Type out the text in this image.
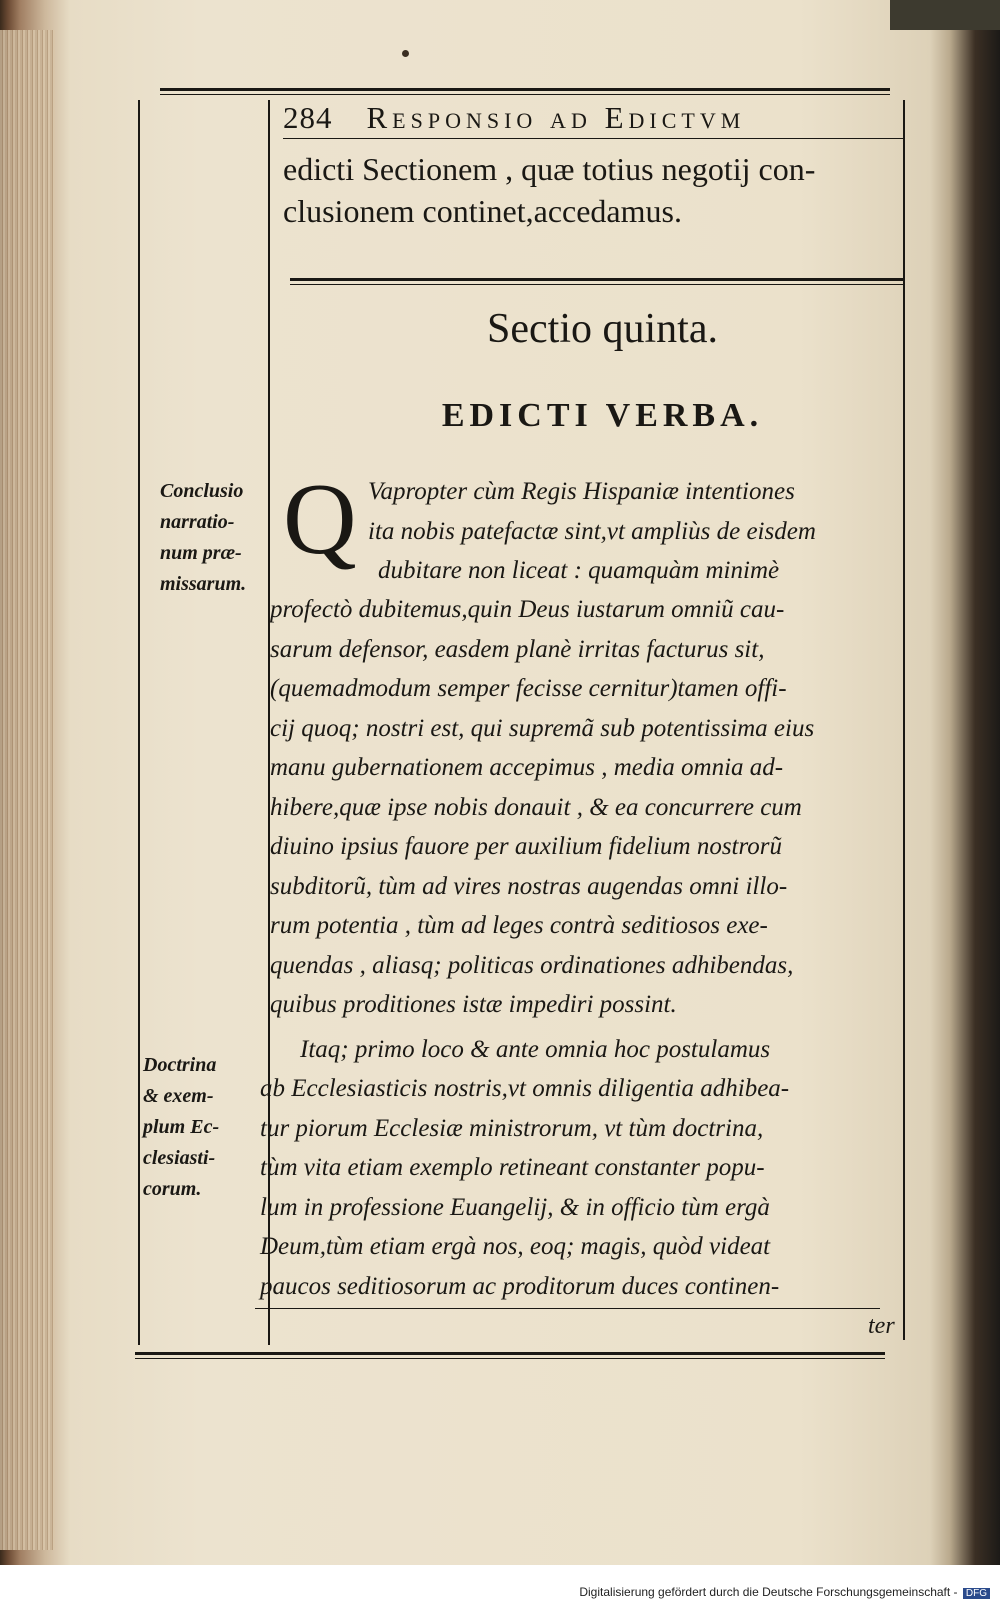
284 Responsio ad Edictvm
edicti Sectionem , quæ totius negotij con-
clusionem continet,accedamus.
Sectio quinta.
EDICTI VERBA.
Conclusio
narratio-
num præ-
missarum.
Doctrina
& exem-
plum Ec-
clesiasti-
corum.
Q Vapropter cùm Regis Hispaniæ intentiones
ita nobis patefactæ sint,vt ampliùs de eisdem
dubitare non liceat : quamquàm minimè
profectò dubitemus,quin Deus iustarum omniũ cau-
sarum defensor, easdem planè irritas facturus sit,
(quemadmodum semper fecisse cernitur)tamen offi-
cij quoq; nostri est, qui supremã sub potentissima eius
manu gubernationem accepimus , media omnia ad-
hibere,quæ ipse nobis donauit , & ea concurrere cum
diuino ipsius fauore per auxilium fidelium nostrorũ
subditorũ, tùm ad vires nostras augendas omni illo-
rum potentia , tùm ad leges contrà seditiosos exe-
quendas , aliasq; politicas ordinationes adhibendas,
quibus proditiones istæ impediri possint.
Itaq; primo loco & ante omnia hoc postulamus
ab Ecclesiasticis nostris,vt omnis diligentia adhibea-
tur piorum Ecclesiæ ministrorum, vt tùm doctrina,
tùm vita etiam exemplo retineant constanter popu-
lum in professione Euangelij, & in officio tùm ergà
Deum,tùm etiam ergà nos, eoq; magis, quòd videat
paucos seditiosorum ac proditorum duces continen-
ter
Digitalisierung gefördert durch die Deutsche Forschungsgemeinschaft - DFG
